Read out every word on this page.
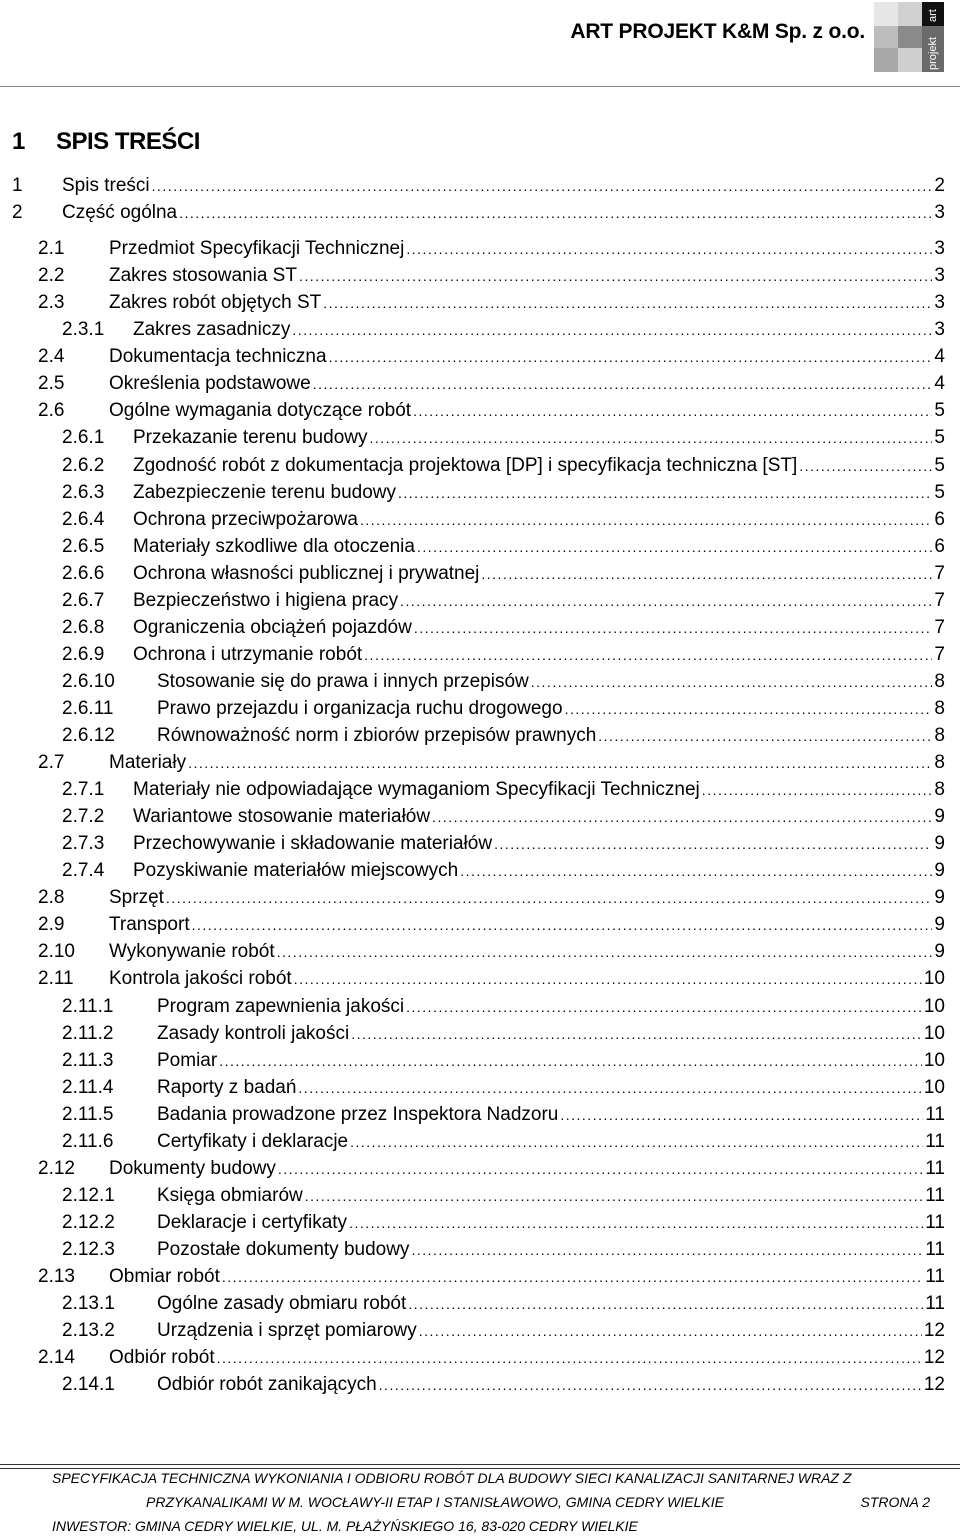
ART PROJEKT K&M Sp. z o.o.
art
projekt
1 SPIS TREŚCI
1 Spis treści .....	2
2 Część ogólna .....	3
2.1 Przedmiot Specyfikacji Technicznej .....	3
2.2 Zakres stosowania ST .....	3
2.3 Zakres robót objętych ST .....	3
2.3.1 Zakres zasadniczy .....	3
2.4 Dokumentacja techniczna .....	4
2.5 Określenia podstawowe .....	4
2.6 Ogólne wymagania dotyczące robót .....	5
2.6.1 Przekazanie terenu budowy .....	5
2.6.2 Zgodność robót z dokumentacja projektowa [DP] i specyfikacja techniczna [ST] .....	5
2.6.3 Zabezpieczenie terenu budowy .....	5
2.6.4 Ochrona przeciwpożarowa .....	6
2.6.5 Materiały szkodliwe dla otoczenia .....	6
2.6.6 Ochrona własności publicznej i prywatnej .....	7
2.6.7 Bezpieczeństwo i higiena pracy .....	7
2.6.8 Ograniczenia obciążeń pojazdów .....	7
2.6.9 Ochrona i utrzymanie robót .....	7
2.6.10 Stosowanie się do prawa i innych przepisów .....	8
2.6.11 Prawo przejazdu i organizacja ruchu drogowego .....	8
2.6.12 Równoważność norm i zbiorów przepisów prawnych .....	8
2.7 Materiały .....	8
2.7.1 Materiały nie odpowiadające wymaganiom Specyfikacji Technicznej .....	8
2.7.2 Wariantowe stosowanie materiałów .....	9
2.7.3 Przechowywanie i składowanie materiałów .....	9
2.7.4 Pozyskiwanie materiałów miejscowych .....	9
2.8 Sprzęt .....	9
2.9 Transport .....	9
2.10 Wykonywanie robót .....	9
2.11 Kontrola jakości robót .....	10
2.11.1 Program zapewnienia jakości .....	10
2.11.2 Zasady kontroli jakości .....	10
2.11.3 Pomiar .....	10
2.11.4 Raporty z badań .....	10
2.11.5 Badania prowadzone przez Inspektora Nadzoru .....	11
2.11.6 Certyfikaty i deklaracje .....	11
2.12 Dokumenty budowy .....	11
2.12.1 Księga obmiarów .....	11
2.12.2 Deklaracje i certyfikaty .....	11
2.12.3 Pozostałe dokumenty budowy .....	11
2.13 Obmiar robót .....	11
2.13.1 Ogólne zasady obmiaru robót .....	11
2.13.2 Urządzenia i sprzęt pomiarowy .....	12
2.14 Odbiór robót .....	12
2.14.1 Odbiór robót zanikających .....	12
SPECYFIKACJA TECHNICZNA WYKONIANIA I ODBIORU ROBÓT DLA BUDOWY SIECI KANALIZACJI SANITARNEJ WRAZ Z
PRZYKANALIKAMI W M. WOCŁAWY-II ETAP I STANISŁAWOWO, GMINA CEDRY WIELKIE	STRONA 2
INWESTOR: GMINA CEDRY WIELKIE, UL. M. PŁAŻYŃSKIEGO 16, 83-020 CEDRY WIELKIE
